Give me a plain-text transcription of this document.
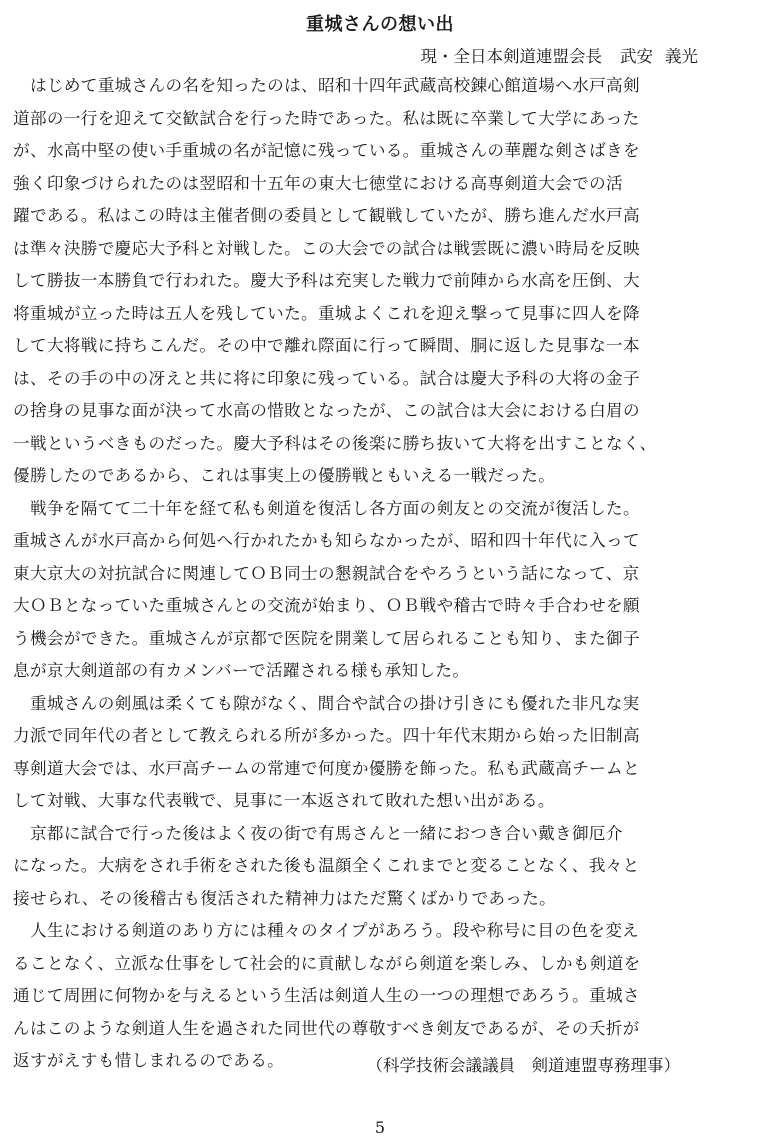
重城さんの想い出
現・全日本剣道連盟会長 武安 義光
　はじめて重城さんの名を知ったのは、昭和十四年武蔵高校錬心館道場へ水戸高剣
道部の一行を迎えて交歓試合を行った時であった。私は既に卒業して大学にあった
が、水高中堅の使い手重城の名が記憶に残っている。重城さんの華麗な剣さばきを
強く印象づけられたのは翌昭和十五年の東大七徳堂における高専剣道大会での活
躍である。私はこの時は主催者側の委員として観戦していたが、勝ち進んだ水戸高
は準々決勝で慶応大予科と対戦した。この大会での試合は戦雲既に濃い時局を反映
して勝抜一本勝負で行われた。慶大予科は充実した戦力で前陣から水高を圧倒、大
将重城が立った時は五人を残していた。重城よくこれを迎え撃って見事に四人を降
して大将戦に持ちこんだ。その中で離れ際面に行って瞬間、胴に返した見事な一本
は、その手の中の冴えと共に将に印象に残っている。試合は慶大予科の大将の金子
の捨身の見事な面が決って水高の惜敗となったが、この試合は大会における白眉の
一戦というべきものだった。慶大予科はその後楽に勝ち抜いて大将を出すことなく、
優勝したのであるから、これは事実上の優勝戦ともいえる一戦だった。
　戦争を隔てて二十年を経て私も剣道を復活し各方面の剣友との交流が復活した。
重城さんが水戸高から何処へ行かれたかも知らなかったが、昭和四十年代に入って
東大京大の対抗試合に関連してＯＢ同士の懇親試合をやろうという話になって、京
大ＯＢとなっていた重城さんとの交流が始まり、ＯＢ戦や稽古で時々手合わせを願
う機会ができた。重城さんが京都で医院を開業して居られることも知り、また御子
息が京大剣道部の有カメンバーで活躍される様も承知した。
　重城さんの剣風は柔くても隙がなく、間合や試合の掛け引きにも優れた非凡な実
力派で同年代の者として教えられる所が多かった。四十年代末期から始った旧制高
専剣道大会では、水戸高チームの常連で何度か優勝を飾った。私も武蔵高チームと
して対戦、大事な代表戦で、見事に一本返されて敗れた想い出がある。
　京都に試合で行った後はよく夜の街で有馬さんと一緒におつき合い戴き御厄介
になった。大病をされ手術をされた後も温顔全くこれまでと変ることなく、我々と
接せられ、その後稽古も復活された精神力はただ驚くばかりであった。
　人生における剣道のあり方には種々のタイプがあろう。段や称号に目の色を変え
ることなく、立派な仕事をして社会的に貢献しながら剣道を楽しみ、しかも剣道を
通じて周囲に何物かを与えるという生活は剣道人生の一つの理想であろう。重城さ
んはこのような剣道人生を過された同世代の尊敬すべき剣友であるが、その夭折が
返すがえすも惜しまれるのである。	（科学技術会議議員　剣道連盟専務理事）
5
